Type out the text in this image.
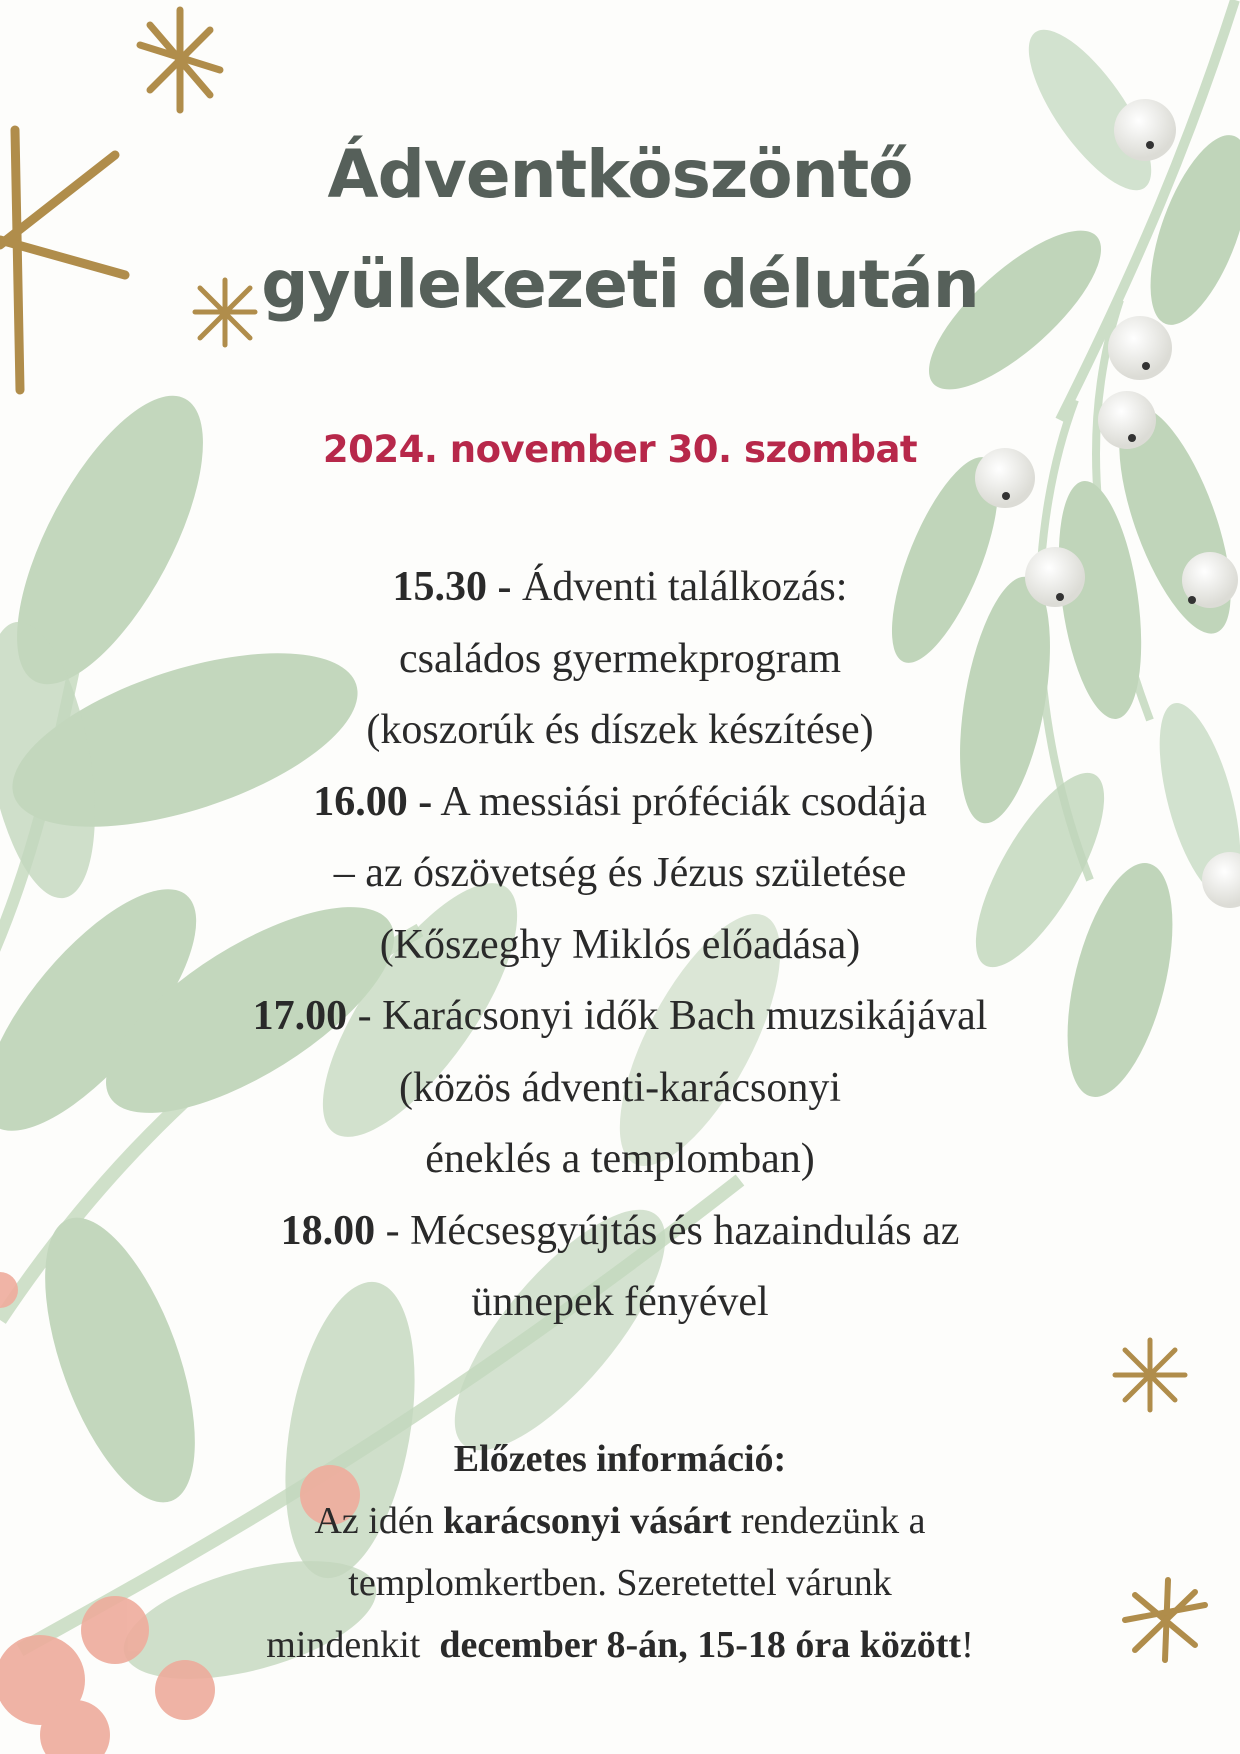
Ádventköszöntő
gyülekezeti délután
2024. november 30. szombat
15.30 - Ádventi találkozás:
családos gyermekprogram
(koszorúk és díszek készítése)
16.00 - A messiási próféciák csodája
– az ószövetség és Jézus születése
(Kőszeghy Miklós előadása)
17.00 - Karácsonyi idők Bach muzsikájával
(közös ádventi-karácsonyi
éneklés a templomban)
18.00 - Mécsesgyújtás és hazaindulás az
ünnepek fényével
Előzetes információ:
Az idén karácsonyi vásárt rendezünk a
templomkertben. Szeretettel várunk
mindenkit  december 8-án, 15-18 óra között!
